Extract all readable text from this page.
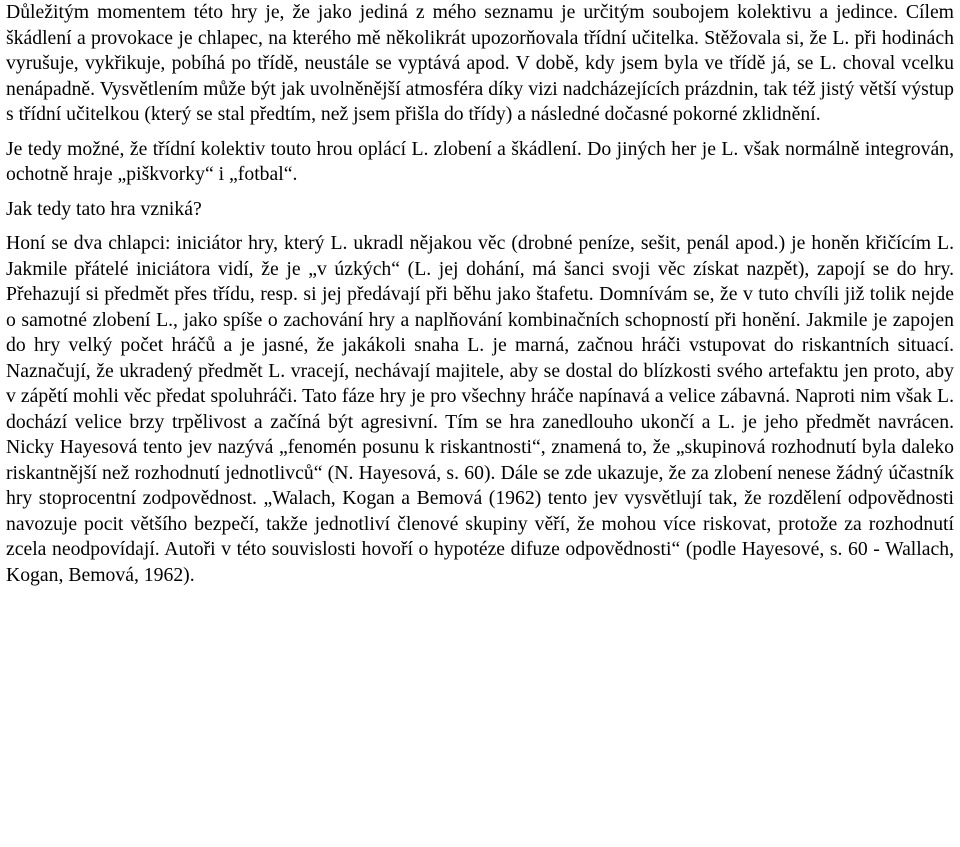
Důležitým momentem této hry je, že jako jediná z mého seznamu je určitým soubojem kolektivu a jedince. Cílem škádlení a provokace je chlapec, na kterého mě několikrát upozorňovala třídní učitelka. Stěžovala si, že L. při hodinách vyrušuje, vykřikuje, pobíhá po třídě, neustále se vyptává apod. V době, kdy jsem byla ve třídě já, se L. choval vcelku nenápadně. Vysvětlením může být jak uvolněnější atmosféra díky vizi nadcházejících prázdnin, tak též jistý větší výstup s třídní učitelkou (který se stal předtím, než jsem přišla do třídy) a následné dočasné pokorné zklidnění.

Je tedy možné, že třídní kolektiv touto hrou oplácí L. zlobení a škádlení. Do jiných her je L. však normálně integrován, ochotně hraje „piškvorky“ i „fotbal“.

Jak tedy tato hra vzniká?

Honí se dva chlapci: iniciátor hry, který L. ukradl nějakou věc (drobné peníze, sešit, penál apod.) je honěn křičícím L. Jakmile přátelé iniciátora vidí, že je „v úzkých“ (L. jej dohání, má šanci svoji věc získat nazpět), zapojí se do hry. Přehazují si předmět přes třídu, resp. si jej předávají při běhu jako štafetu. Domnívám se, že v tuto chvíli již tolik nejde o samotné zlobení L., jako spíše o zachování hry a naplňování kombinačních schopností při honění. Jakmile je zapojen do hry velký počet hráčů a je jasné, že jakákoli snaha L. je marná, začnou hráči vstupovat do riskantních situací. Naznačují, že ukradený předmět L. vracejí, nechávají majitele, aby se dostal do blízkosti svého artefaktu jen proto, aby v zápětí mohli věc předat spoluhráči. Tato fáze hry je pro všechny hráče napínavá a velice zábavná. Naproti nim však L. dochází velice brzy trpělivost a začíná být agresivní. Tím se hra zanedlouho ukončí a L. je jeho předmět navrácen. Nicky Hayesová tento jev nazývá „fenomén posunu k riskantnosti“, znamená to, že „skupinová rozhodnutí byla daleko riskantnější než rozhodnutí jednotlivců“ (N. Hayesová, s. 60). Dále se zde ukazuje, že za zlobení nenese žádný účastník hry stoprocentní zodpovědnost. „Walach, Kogan a Bemová (1962) tento jev vysvětlují tak, že rozdělení odpovědnosti navozuje pocit většího bezpečí, takže jednotliví členové skupiny věří, že mohou více riskovat, protože za rozhodnutí zcela neodpovídají. Autoři v této souvislosti hovoří o hypotéze difuze odpovědnosti“ (podle Hayesové, s. 60 - Wallach, Kogan, Bemová, 1962).
